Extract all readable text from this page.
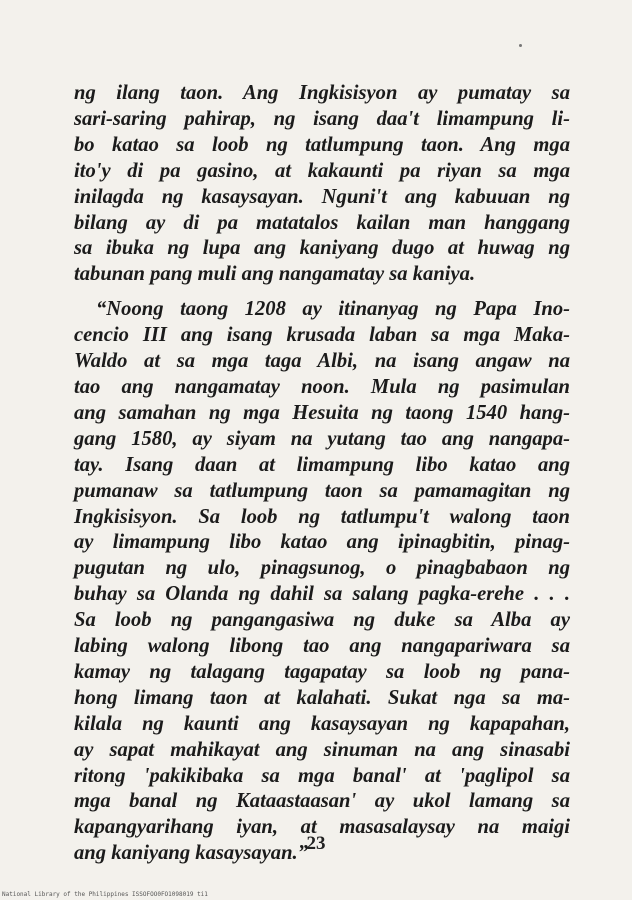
ng ilang taon. Ang Ingkisisyon ay pumatay sa
sari-saring pahirap, ng isang daa't limampung li-
bo katao sa loob ng tatlumpung taon. Ang mga
ito'y di pa gasino, at kakaunti pa riyan sa mga
inilagda ng kasaysayan. Nguni't ang kabuuan ng
bilang ay di pa matatalos kailan man hanggang
sa ibuka ng lupa ang kaniyang dugo at huwag ng
tabunan pang muli ang nangamatay sa kaniya.
“Noong taong 1208 ay itinanyag ng Papa Ino-
cencio III ang isang krusada laban sa mga Maka-
Waldo at sa mga taga Albi, na isang angaw na
tao ang nangamatay noon. Mula ng pasimulan
ang samahan ng mga Hesuita ng taong 1540 hang-
gang 1580, ay siyam na yutang tao ang nangapa-
tay. Isang daan at limampung libo katao ang
pumanaw sa tatlumpung taon sa pamamagitan ng
Ingkisisyon. Sa loob ng tatlumpu't walong taon
ay limampung libo katao ang ipinagbitin, pinag-
pugutan ng ulo, pinagsunog, o pinagbabaon ng
buhay sa Olanda ng dahil sa salang pagka-erehe . . .
Sa loob ng pangangasiwa ng duke sa Alba ay
labing walong libong tao ang nangapariwara sa
kamay ng talagang tagapatay sa loob ng pana-
hong limang taon at kalahati. Sukat nga sa ma-
kilala ng kaunti ang kasaysayan ng kapapahan,
ay sapat mahikayat ang sinuman na ang sinasabi
ritong 'pakikibaka sa mga banal' at 'paglipol sa
mga banal ng Kataastaasan' ay ukol lamang sa
kapangyarihang iyan, at masasalaysay na maigi
ang kaniyang kasaysayan.”
23
National Library of the Philippines ISSOFOO0FO1098019 ti1
